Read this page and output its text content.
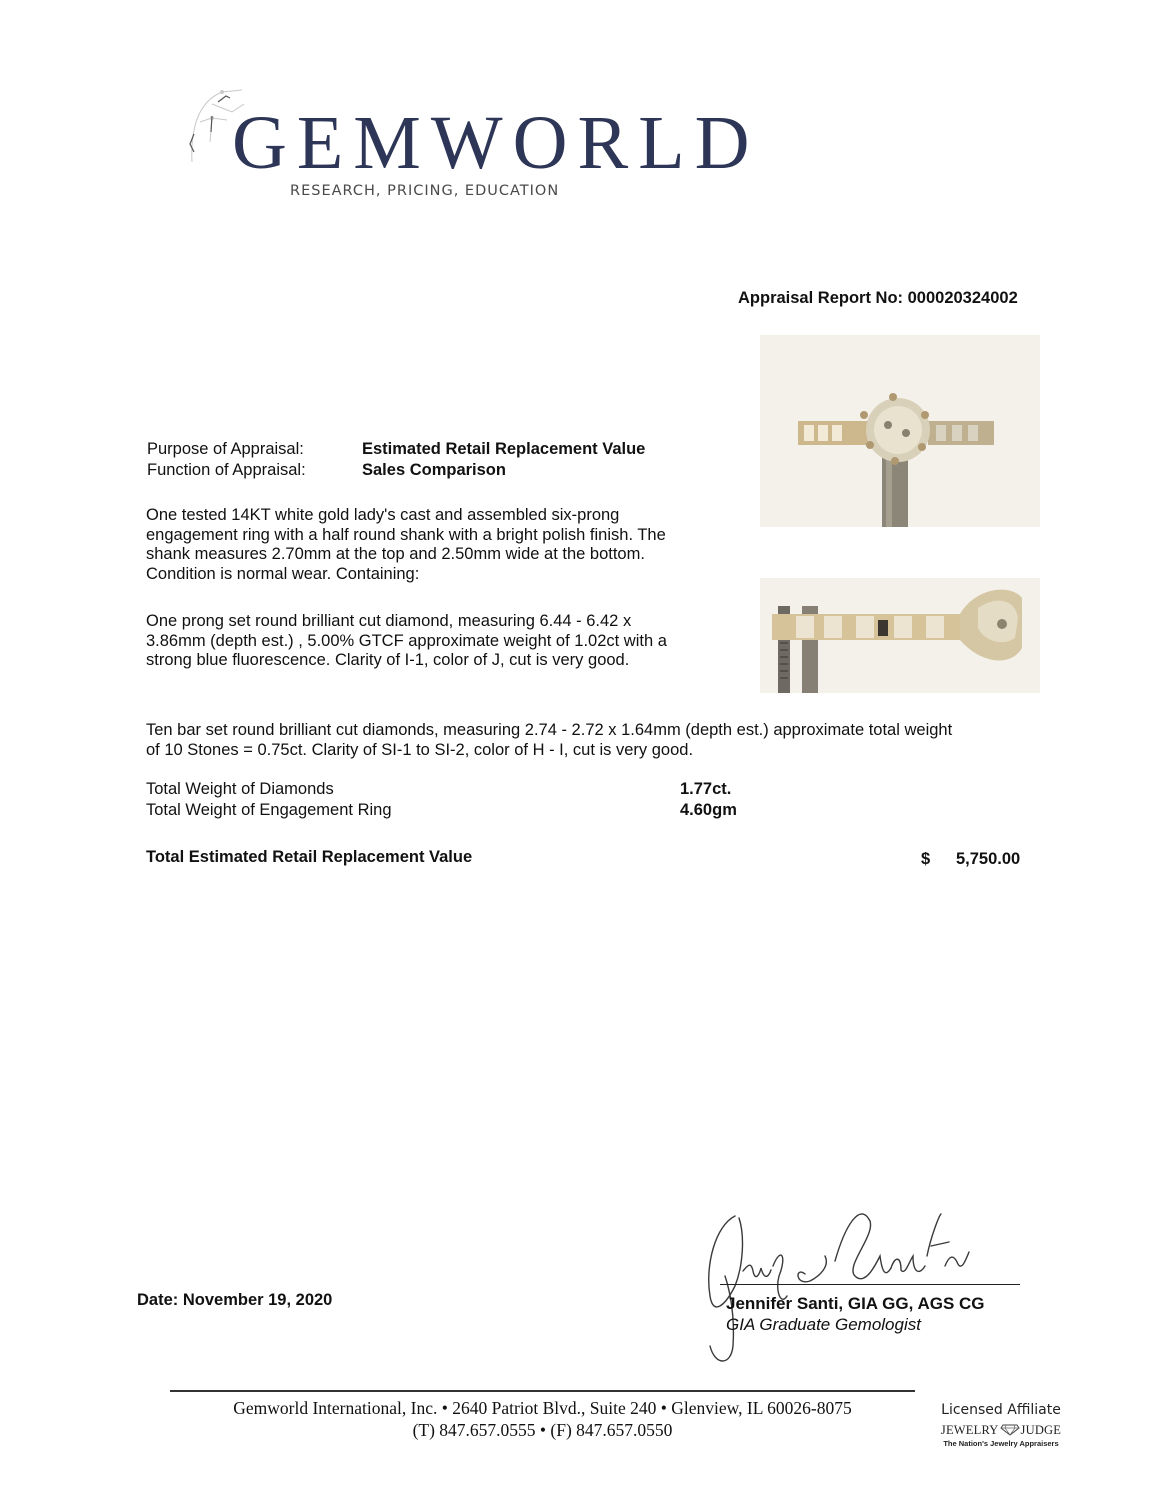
GEMWORLD
RESEARCH, PRICING, EDUCATION
Appraisal Report No: 000020324002
Purpose of Appraisal:	Estimated Retail Replacement Value
Function of Appraisal:	Sales Comparison
One tested 14KT white gold lady's cast and assembled six-prong engagement ring with a half round shank with a bright polish finish. The shank measures 2.70mm at the top and 2.50mm wide at the bottom. Condition is normal wear. Containing:
One prong set round brilliant cut diamond, measuring 6.44 - 6.42 x 3.86mm (depth est.) , 5.00% GTCF approximate weight of 1.02ct with a strong blue fluorescence. Clarity of I-1, color of J, cut is very good.
Ten bar set round brilliant cut diamonds, measuring 2.74 - 2.72 x 1.64mm (depth est.) approximate total weight of 10 Stones = 0.75ct. Clarity of SI-1 to SI-2, color of H - I, cut is very good.
Total Weight of Diamonds	1.77ct.
Total Weight of Engagement Ring	4.60gm
Total Estimated Retail Replacement Value	$ 5,750.00
Date: November 19, 2020	Jennifer Santi, GIA GG, AGS CG
GIA Graduate Gemologist
Gemworld International, Inc. • 2640 Patriot Blvd., Suite 240 • Glenview, IL 60026-8075
(T) 847.657.0555 • (F) 847.657.0550
Licensed Affiliate
JEWELRY JUDGE
The Nation's Jewelry Appraisers
